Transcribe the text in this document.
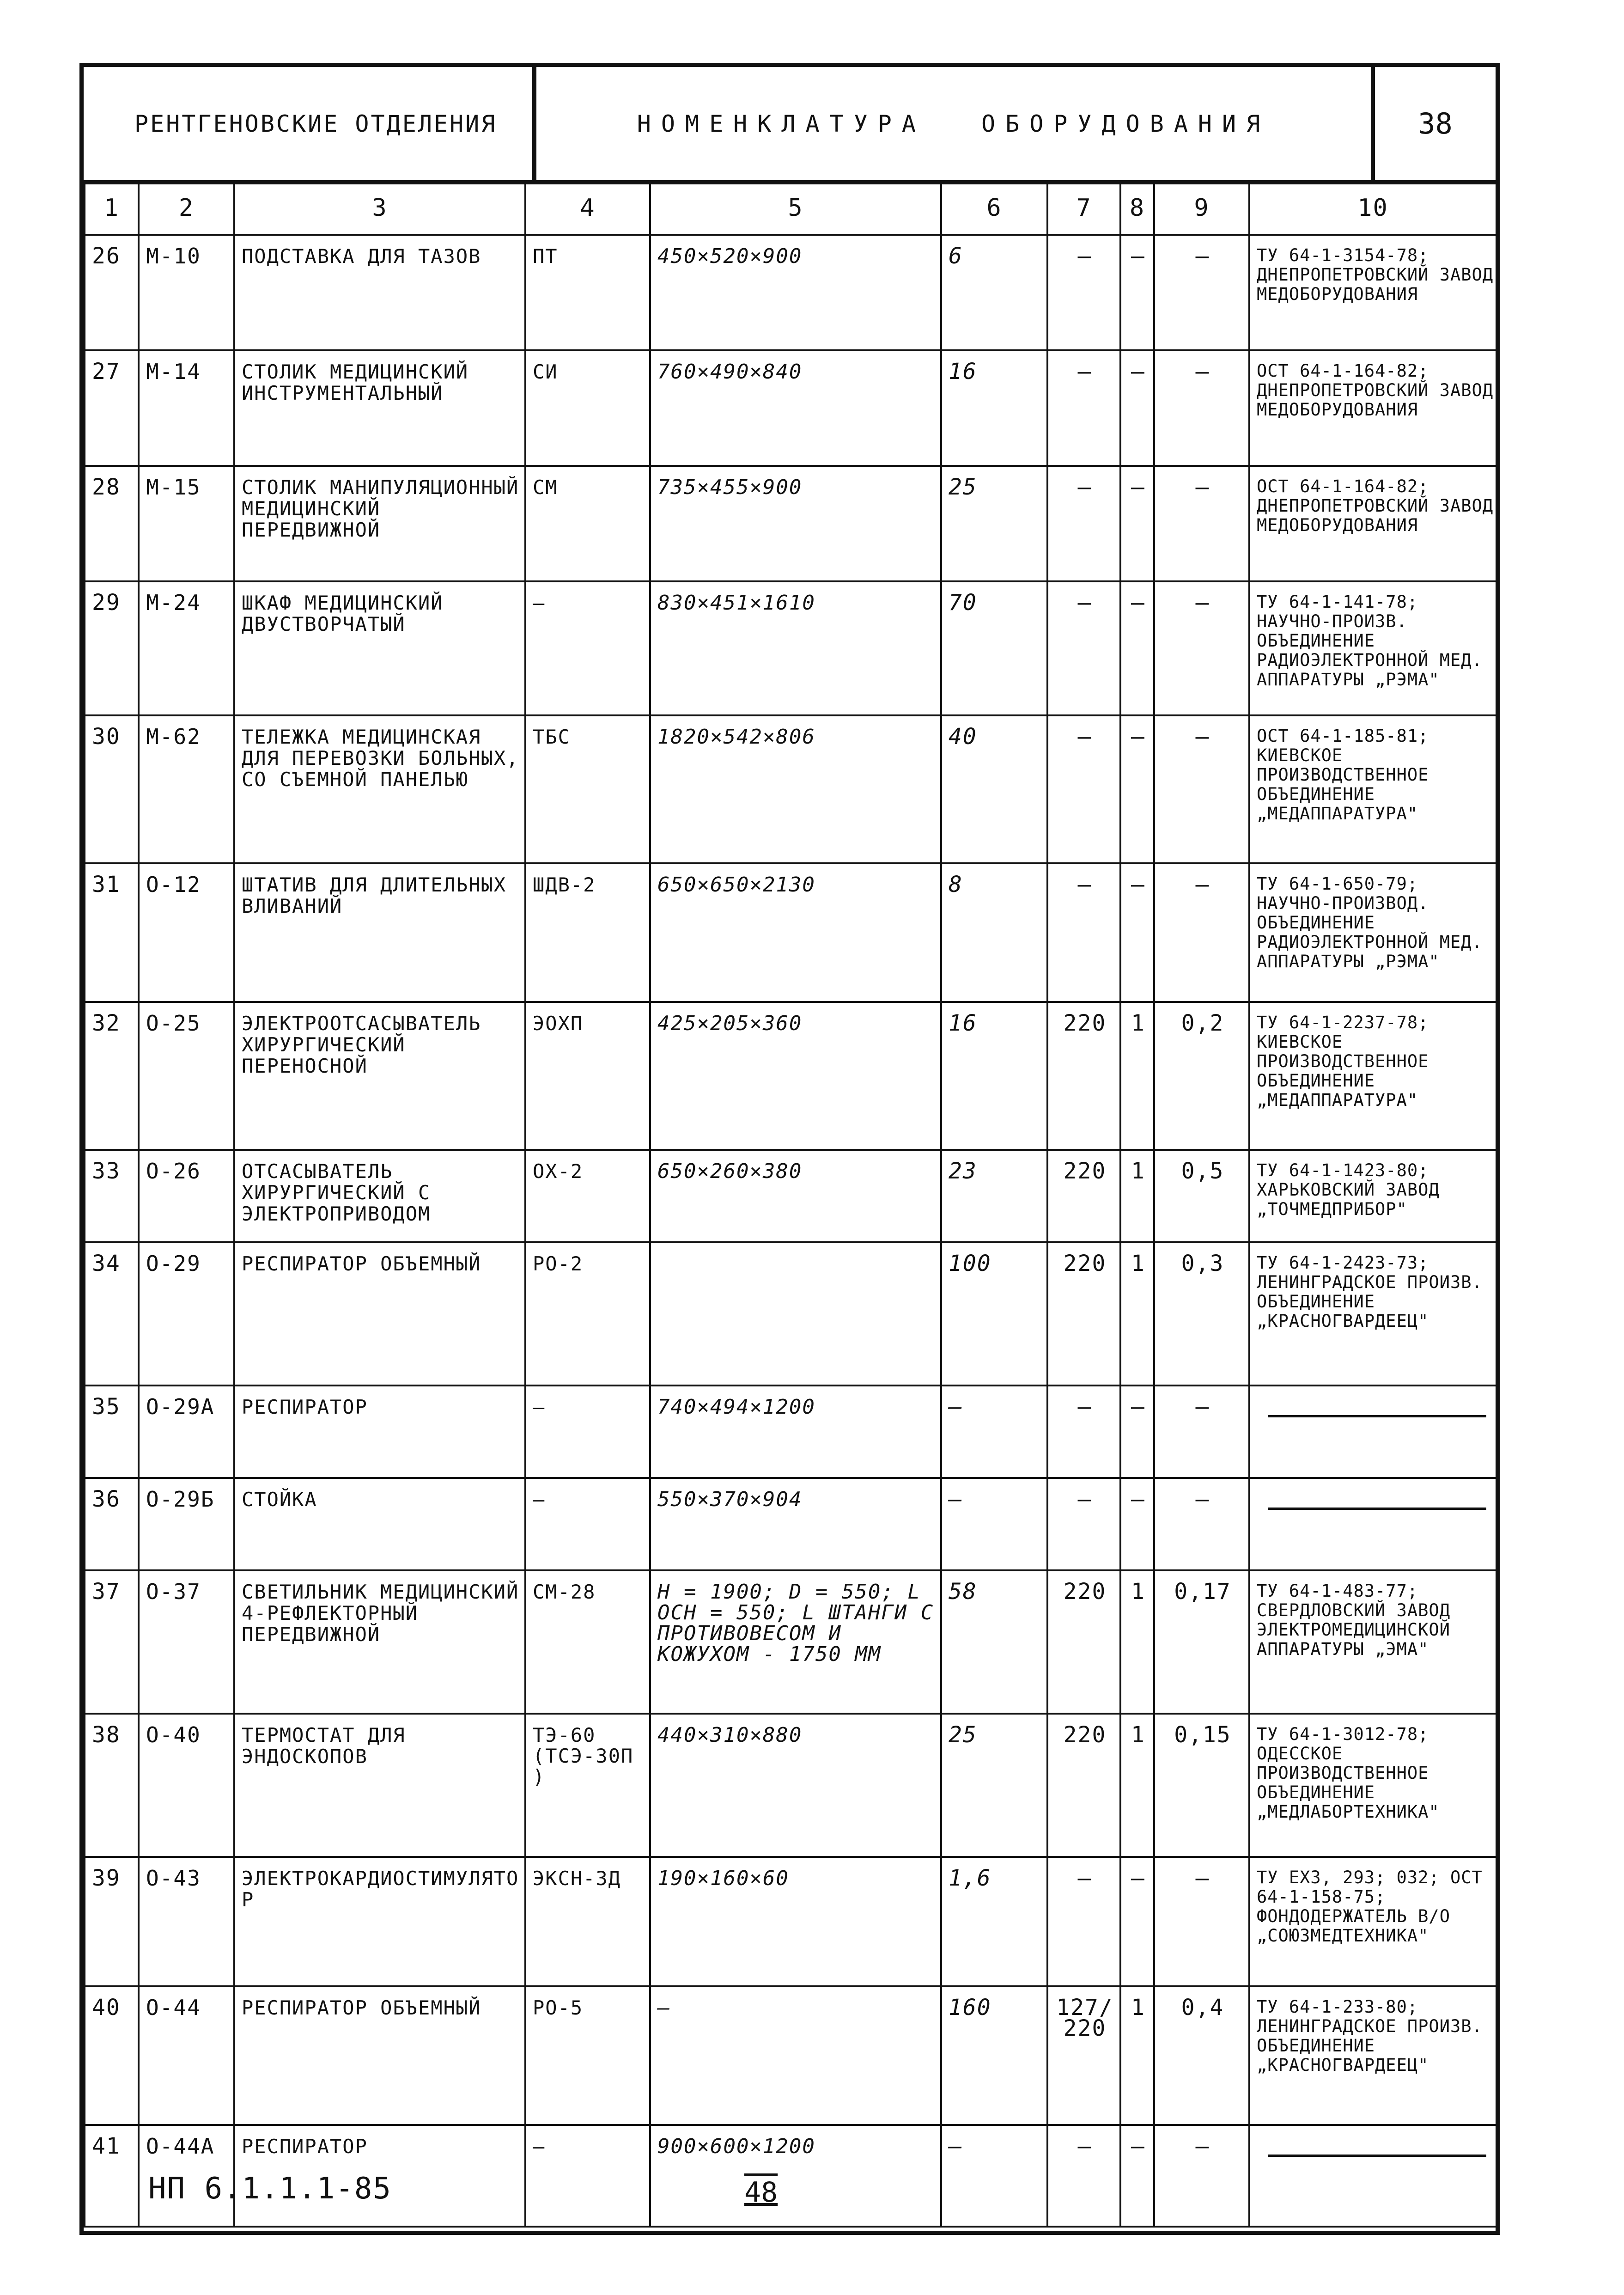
РЕНТГЕНОВСКИЕ ОТДЕЛЕНИЯ	НОМЕНКЛАТУРА ОБОРУДОВАНИЯ	38
1	2	3	4	5	6	7	8	9	10
26	М-10	ПОДСТАВКА ДЛЯ ТАЗОВ	ПТ	450×520×900	6	—	—	—	ТУ 64-1-3154-78; ДНЕПРОПЕТРОВСКИЙ ЗАВОД МЕДОБОРУДОВАНИЯ
27	М-14	СТОЛИК МЕДИЦИНСКИЙ ИНСТРУМЕНТАЛЬНЫЙ	СИ	760×490×840	16	—	—	—	ОСТ 64-1-164-82; ДНЕПРОПЕТРОВСКИЙ ЗАВОД МЕДОБОРУДОВАНИЯ
28	М-15	СТОЛИК МАНИПУЛЯЦИОННЫЙ МЕДИЦИНСКИЙ ПЕРЕДВИЖНОЙ	СМ	735×455×900	25	—	—	—	ОСТ 64-1-164-82; ДНЕПРОПЕТРОВСКИЙ ЗАВОД МЕДОБОРУДОВАНИЯ
29	М-24	ШКАФ МЕДИЦИНСКИЙ ДВУСТВОРЧАТЫЙ	—	830×451×1610	70	—	—	—	ТУ 64-1-141-78; НАУЧНО-ПРОИЗВ. ОБЪЕДИНЕНИЕ РАДИОЭЛЕКТРОННОЙ МЕД. АППАРАТУРЫ „РЭМА"
30	М-62	ТЕЛЕЖКА МЕДИЦИНСКАЯ ДЛЯ ПЕРЕВОЗКИ БОЛЬНЫХ, СО СЪЕМНОЙ ПАНЕЛЬЮ	ТБС	1820×542×806	40	—	—	—	ОСТ 64-1-185-81; КИЕВСКОЕ ПРОИЗВОДСТВЕННОЕ ОБЪЕДИНЕНИЕ „МЕДАППАРАТУРА"
31	О-12	ШТАТИВ ДЛЯ ДЛИТЕЛЬНЫХ ВЛИВАНИЙ	ШДВ-2	650×650×2130	8	—	—	—	ТУ 64-1-650-79; НАУЧНО-ПРОИЗВОД. ОБЪЕДИНЕНИЕ РАДИОЭЛЕКТРОННОЙ МЕД. АППАРАТУРЫ „РЭМА"
32	О-25	ЭЛЕКТРООТСАСЫВАТЕЛЬ ХИРУРГИЧЕСКИЙ ПЕРЕНОСНОЙ	ЭОХП	425×205×360	16	220	1	0,2	ТУ 64-1-2237-78; КИЕВСКОЕ ПРОИЗВОДСТВЕННОЕ ОБЪЕДИНЕНИЕ „МЕДАППАРАТУРА"
33	О-26	ОТСАСЫВАТЕЛЬ ХИРУРГИЧЕСКИЙ С ЭЛЕКТРОПРИВОДОМ	ОХ-2	650×260×380	23	220	1	0,5	ТУ 64-1-1423-80; ХАРЬКОВСКИЙ ЗАВОД „ТОЧМЕДПРИБОР"
34	О-29	РЕСПИРАТОР ОБЪЕМНЫЙ	РО-2		100	220	1	0,3	ТУ 64-1-2423-73; ЛЕНИНГРАДСКОЕ ПРОИЗВ. ОБЪЕДИНЕНИЕ „КРАСНОГВАРДЕЕЦ"
35	О-29А	РЕСПИРАТОР	—	740×494×1200	—	—	—	—	

36	О-29Б	СТОЙКА	—	550×370×904	—	—	—	—	

37	О-37	СВЕТИЛЬНИК МЕДИЦИНСКИЙ 4-РЕФЛЕКТОРНЫЙ ПЕРЕДВИЖНОЙ	СМ-28	Н = 1900; D = 550; L ОСН = 550; L ШТАНГИ С ПРОТИВОВЕСОМ И КОЖУХОМ - 1750 ММ	58	220	1	0,17	ТУ 64-1-483-77; СВЕРДЛОВСКИЙ ЗАВОД ЭЛЕКТРОМЕДИЦИНСКОЙ АППАРАТУРЫ „ЭМА"
38	О-40	ТЕРМОСТАТ ДЛЯ ЭНДОСКОПОВ	ТЭ-60 (ТСЭ-30П)	440×310×880	25	220	1	0,15	ТУ 64-1-3012-78; ОДЕССКОЕ ПРОИЗВОДСТВЕННОЕ ОБЪЕДИНЕНИЕ „МЕДЛАБОРТЕХНИКА"
39	О-43	ЭЛЕКТРОКАРДИОСТИМУЛЯТОР	ЭКСН-3Д	190×160×60	1,6	—	—	—	ТУ ЕХЗ, 293; 032; ОСТ 64-1-158-75; ФОНДОДЕРЖАТЕЛЬ В/О „СОЮЗМЕДТЕХНИКА"
40	О-44	РЕСПИРАТОР ОБЪЕМНЫЙ	РО-5	—	160	127/220	1	0,4	ТУ 64-1-233-80; ЛЕНИНГРАДСКОЕ ПРОИЗВ. ОБЪЕДИНЕНИЕ „КРАСНОГВАРДЕЕЦ"
41	О-44А	РЕСПИРАТОР	—	900×600×1200	—	—	—	—	
НП 6.1.1.1-85	48
